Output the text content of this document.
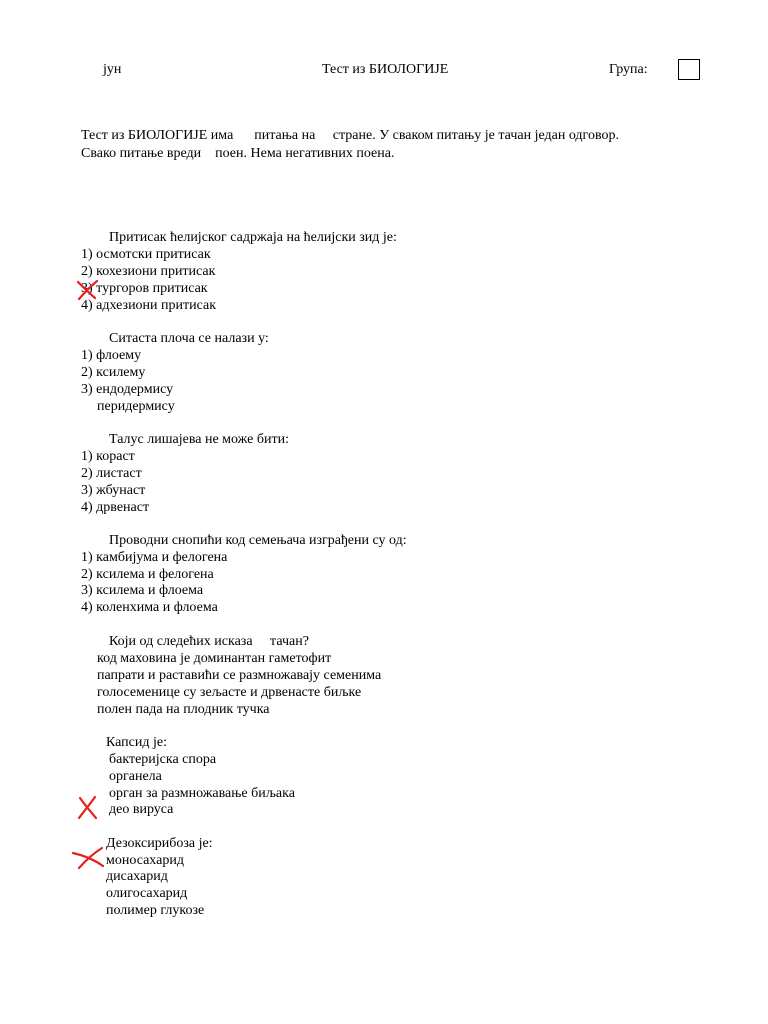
јун	Тест из БИОЛОГИЈЕ	Група:
Тест из БИОЛОГИЈЕ има      питања на     стране. У сваком питању је тачан један одговор.
Свако питање вреди    поен. Нема негативних поена.
Притисак ћелијског садржаја на ћелијски зид је:
1) осмотски притисак
2) кохезиони притисак
3) тургоров притисак
4) адхезиони притисак
Ситаста плоча се налази у:
1) флоему
2) ксилему
3) ендодермису
перидермису
Талус лишајева не може бити:
1) кораст
2) листаст
3) жбунаст
4) дрвенаст
Проводни снопићи код семењача изграђени су од:
1) камбијума и фелогена
2) ксилема и фелогена
3) ксилема и флоема
4) коленхима и флоема
Који од следећих исказа     тачан?
код маховина је доминантан гаметофит
папрати и раставићи се размножавају семенима
голосеменице су зељасте и дрвенасте биљке
полен пада на плодник тучка
Капсид је:
бактеријска спора
органела
орган за размножавање биљака
део вируса
Дезоксирибоза је:
моносахарид
дисахарид
олигосахарид
полимер глукозе
